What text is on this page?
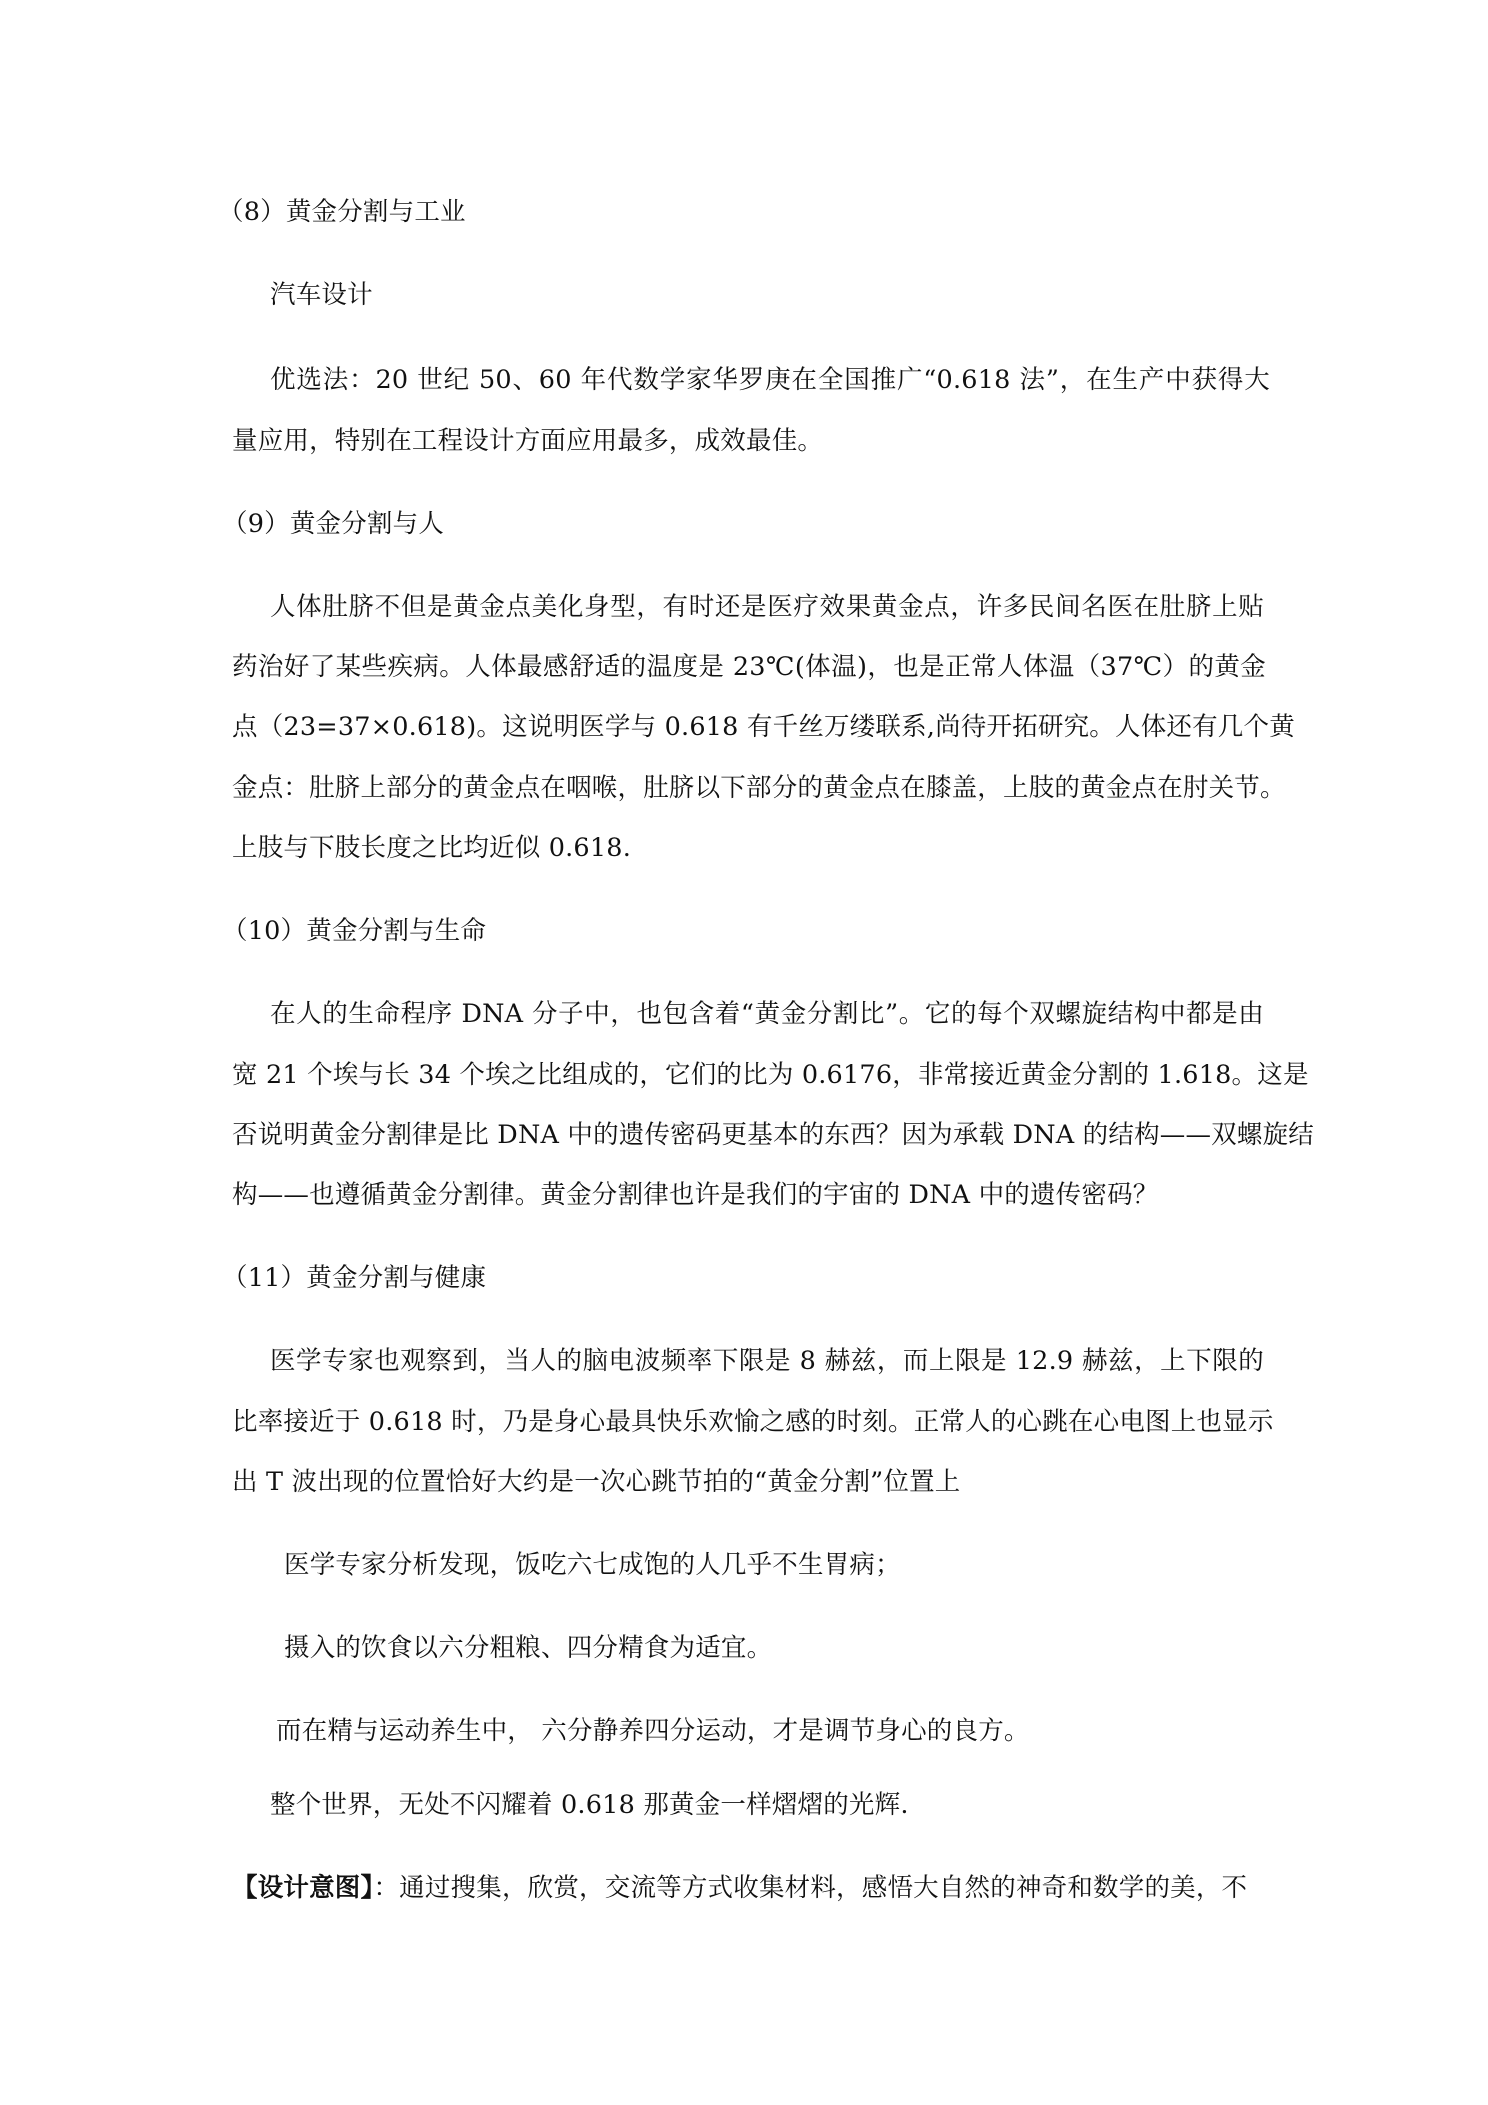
（8）黄金分割与工业

汽车设计

优选法：20 世纪 50、60 年代数学家华罗庚在全国推广“0.618 法”，在生产中获得大

量应用，特别在工程设计方面应用最多，成效最佳。

（9）黄金分割与人

人体肚脐不但是黄金点美化身型，有时还是医疗效果黄金点，许多民间名医在肚脐上贴

药治好了某些疾病。人体最感舒适的温度是 23℃(体温)，也是正常人体温（37℃）的黄金

点（23=37×0.618)。这说明医学与 0.618 有千丝万缕联系,尚待开拓研究。人体还有几个黄

金点：肚脐上部分的黄金点在咽喉，肚脐以下部分的黄金点在膝盖，上肢的黄金点在肘关节。

上肢与下肢长度之比均近似 0.618.

（10）黄金分割与生命

在人的生命程序 DNA 分子中，也包含着“黄金分割比”。它的每个双螺旋结构中都是由

宽 21 个埃与长 34 个埃之比组成的，它们的比为 0.6176，非常接近黄金分割的 1.618。这是

否说明黄金分割律是比 DNA 中的遗传密码更基本的东西？因为承载 DNA 的结构——双螺旋结

构——也遵循黄金分割律。黄金分割律也许是我们的宇宙的 DNA 中的遗传密码？

（11）黄金分割与健康

医学专家也观察到，当人的脑电波频率下限是 8 赫兹，而上限是 12.9 赫兹，上下限的

比率接近于 0.618 时，乃是身心最具快乐欢愉之感的时刻。正常人的心跳在心电图上也显示

出 T 波出现的位置恰好大约是一次心跳节拍的“黄金分割”位置上

医学专家分析发现，饭吃六七成饱的人几乎不生胃病；

摄入的饮食以六分粗粮、四分精食为适宜。

而在精与运动养生中， 六分静养四分运动，才是调节身心的良方。

整个世界，无处不闪耀着 0.618 那黄金一样熠熠的光辉.

【设计意图】：通过搜集，欣赏，交流等方式收集材料，感悟大自然的神奇和数学的美，不
